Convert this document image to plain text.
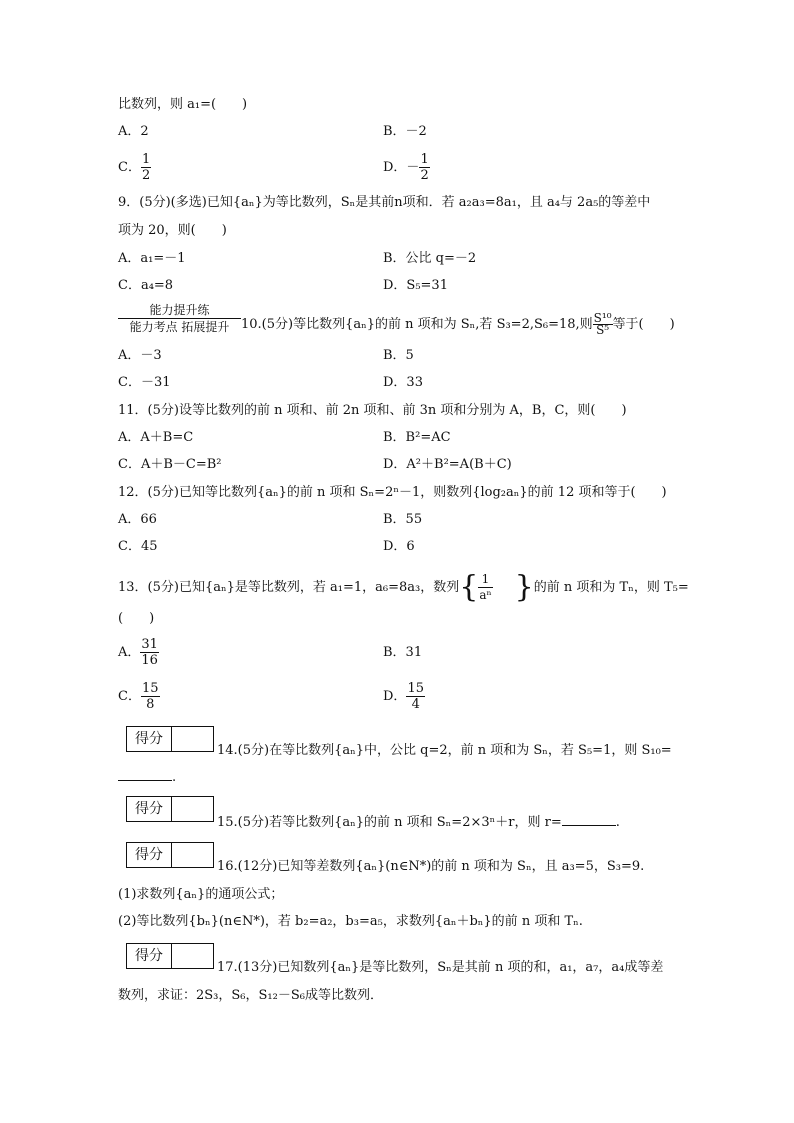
比数列，则 a₁=(　　)
A．2	B．－2
C． $\frac{1}{2}$	D．－ $\frac{1}{2}$
9．(5分)(多选)已知{aₙ}为等比数列，Sₙ是其前n项和．若 a₂a₃=8a₁，且 a₄与 2a₅的等差中
项为 20，则(　　)
A．a₁=－1	B．公比 q=－2
C．a₄=8	D．S₅=31
能力提升练
能力考点 拓展提升 10.(5分)等比数列{aₙ}的前 n 项和为 Sₙ,若 S₃=2,S₆=18,则 $\frac{\text{S¹⁰}}{\text{S⁵}}$ 等于(　　)
A．－3	B．5
C．－31	D．33
11．(5分)设等比数列的前 n 项和、前 2n 项和、前 3n 项和分别为 A，B，C，则(　　)
A．A＋B=C	B．B²=AC
C．A＋B－C=B²	D．A²＋B²=A(B＋C)
12．(5分)已知等比数列{aₙ}的前 n 项和 Sₙ=2ⁿ－1，则数列{log₂aₙ}的前 12 项和等于(　　)
A．66	B．55
C．45	D．6
13．(5分)已知{aₙ}是等比数列，若 a₁=1，a₆=8a₃，数列{ $\frac{1}{\text{aⁿ}}$ }的前 n 项和为 Tₙ，则 T₅=
(　　)
A． $\frac{31}{16}$	B．31
C． $\frac{15}{8}$	D． $\frac{15}{4}$
得分
14.(5分)在等比数列{aₙ}中，公比 q=2，前 n 项和为 Sₙ，若 S₅=1，则 S₁₀=
.
得分
15.(5分)若等比数列{aₙ}的前 n 项和 Sₙ=2×3ⁿ＋r，则 r=	.
得分
16.(12分)已知等差数列{aₙ}(n∈N*)的前 n 项和为 Sₙ，且 a₃=5，S₃=9.
(1)求数列{aₙ}的通项公式；
(2)等比数列{bₙ}(n∈N*)，若 b₂=a₂，b₃=a₅，求数列{aₙ＋bₙ}的前 n 项和 Tₙ.
得分
17.(13分)已知数列{aₙ}是等比数列，Sₙ是其前 n 项的和，a₁，a₇，a₄成等差
数列，求证：2S₃，S₆，S₁₂－S₆成等比数列．
